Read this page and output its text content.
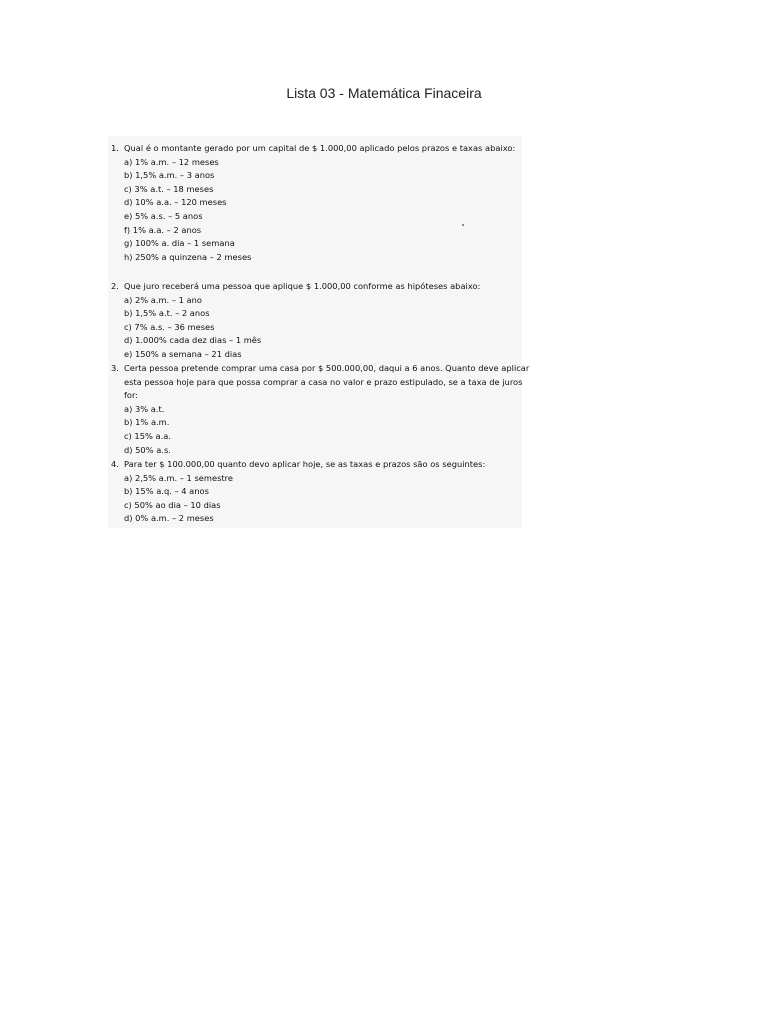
Lista 03 - Matemática Finaceira
1. Qual é o montante gerado por um capital de $ 1.000,00 aplicado pelos prazos e taxas abaixo:

a) 1% a.m. – 12 meses
b) 1,5% a.m. – 3 anos
c) 3% a.t. – 18 meses
d) 10% a.a. – 120 meses
e) 5% a.s. – 5 anos
f) 1% a.a. – 2 anos
g) 100% a. dia – 1 semana
h) 250% a quinzena – 2 meses
2. Que juro receberá uma pessoa que aplique $ 1.000,00 conforme as hipóteses abaixo:

a) 2% a.m. – 1 ano
b) 1,5% a.t. – 2 anos
c) 7% a.s. – 36 meses
d) 1.000% cada dez dias – 1 mês
e) 150% a semana – 21 dias
3. Certa pessoa pretende comprar uma casa por $ 500.000,00, daqui a 6 anos. Quanto deve aplicar esta pessoa hoje para que possa comprar a casa no valor e prazo estipulado, se a taxa de juros for:

a) 3% a.t.
b) 1% a.m.
c) 15% a.a.
d) 50% a.s.
4. Para ter $ 100.000,00 quanto devo aplicar hoje, se as taxas e prazos são os seguintes:

a) 2,5% a.m. – 1 semestre
b) 15% a.q. – 4 anos
c) 50% ao dia – 10 dias
d) 0% a.m. – 2 meses
